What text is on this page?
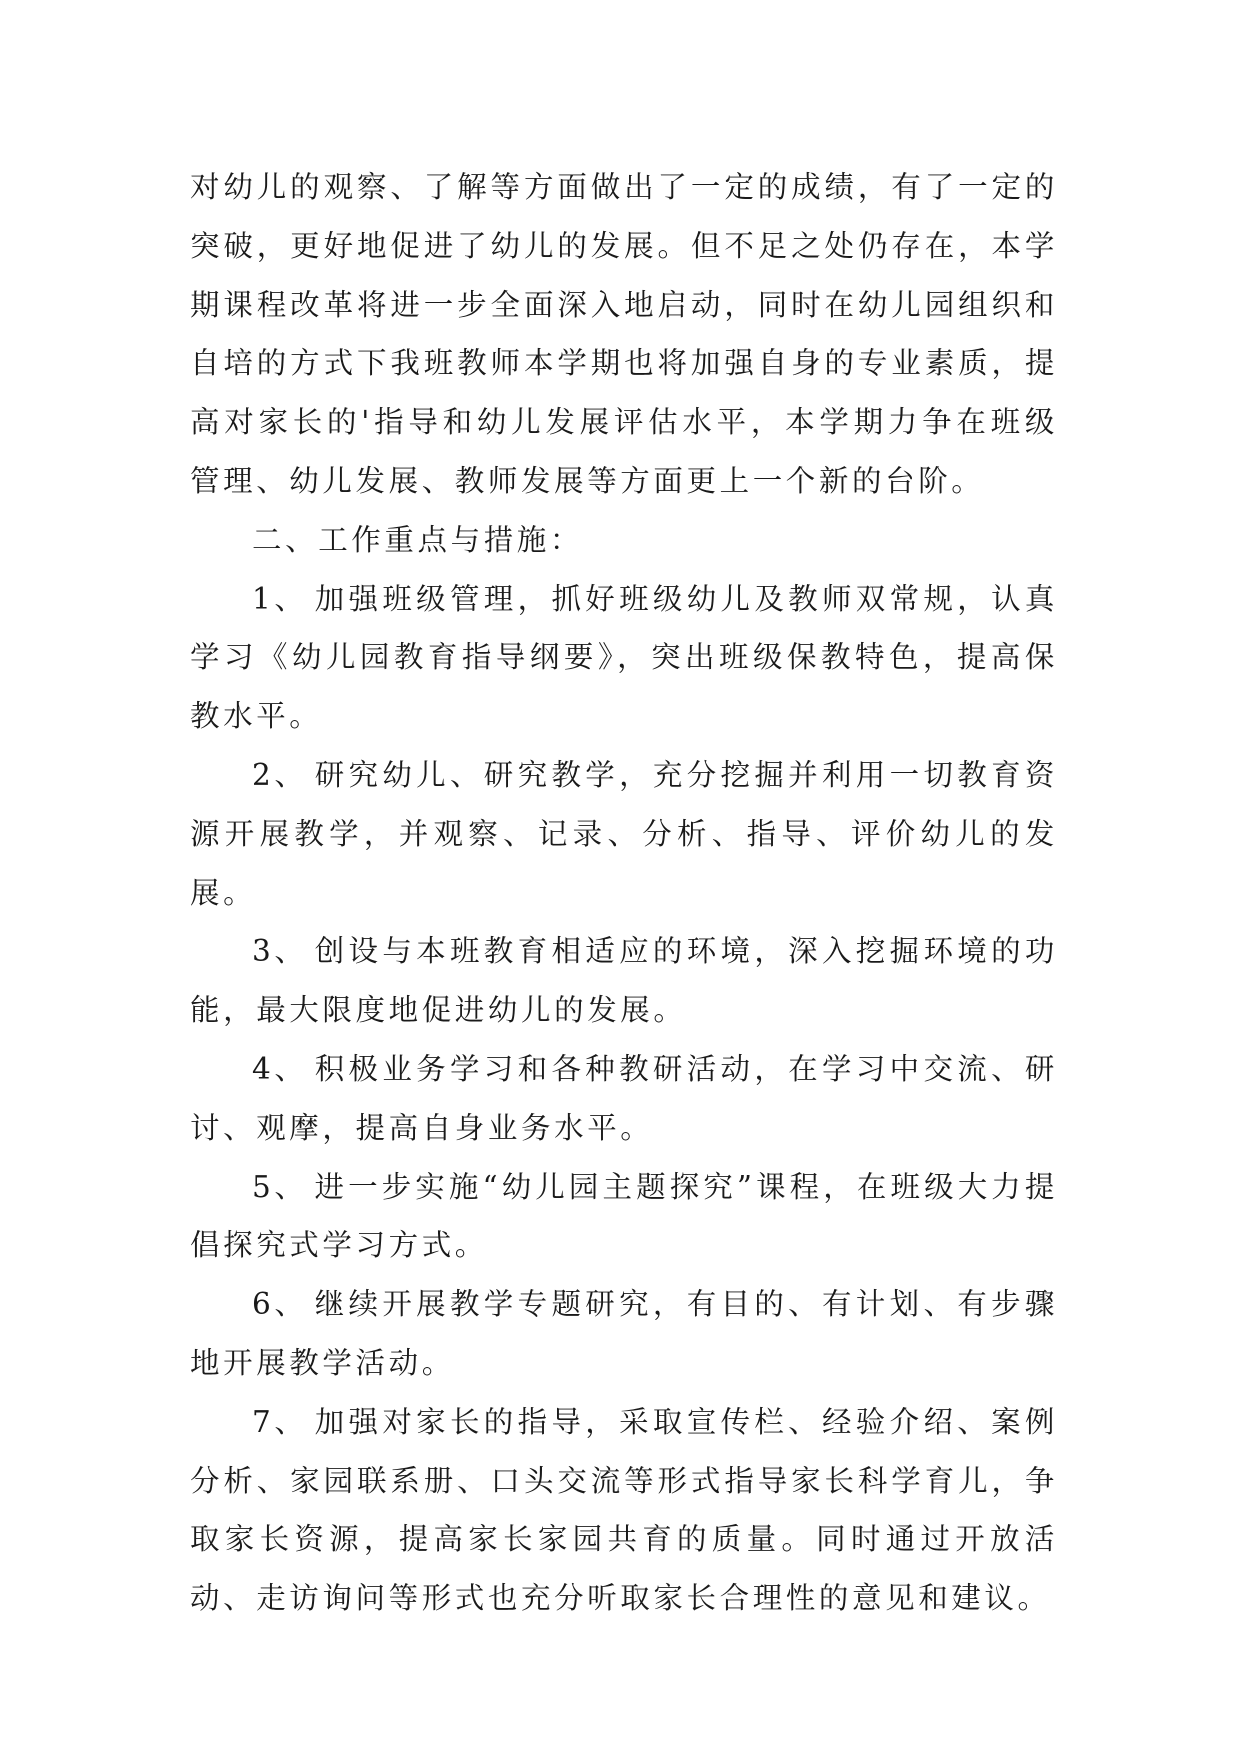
对幼儿的观察、了解等方面做出了一定的成绩，有了一定的突破，更好地促进了幼儿的发展。但不足之处仍存在，本学期课程改革将进一步全面深入地启动，同时在幼儿园组织和自培的方式下我班教师本学期也将加强自身的专业素质，提高对家长的'指导和幼儿发展评估水平，本学期力争在班级管理、幼儿发展、教师发展等方面更上一个新的台阶。

二、工作重点与措施：

1、 加强班级管理，抓好班级幼儿及教师双常规，认真学习《幼儿园教育指导纲要》，突出班级保教特色，提高保教水平。

2、 研究幼儿、研究教学，充分挖掘并利用一切教育资源开展教学，并观察、记录、分析、指导、评价幼儿的发展。

3、 创设与本班教育相适应的环境，深入挖掘环境的功能，最大限度地促进幼儿的发展。

4、 积极业务学习和各种教研活动，在学习中交流、研讨、观摩，提高自身业务水平。

5、 进一步实施“幼儿园主题探究”课程，在班级大力提倡探究式学习方式。

6、 继续开展教学专题研究，有目的、有计划、有步骤地开展教学活动。

7、 加强对家长的指导，采取宣传栏、经验介绍、案例分析、家园联系册、口头交流等形式指导家长科学育儿，争取家长资源，提高家长家园共育的质量。同时通过开放活动、走访询问等形式也充分听取家长合理性的意见和建议。
